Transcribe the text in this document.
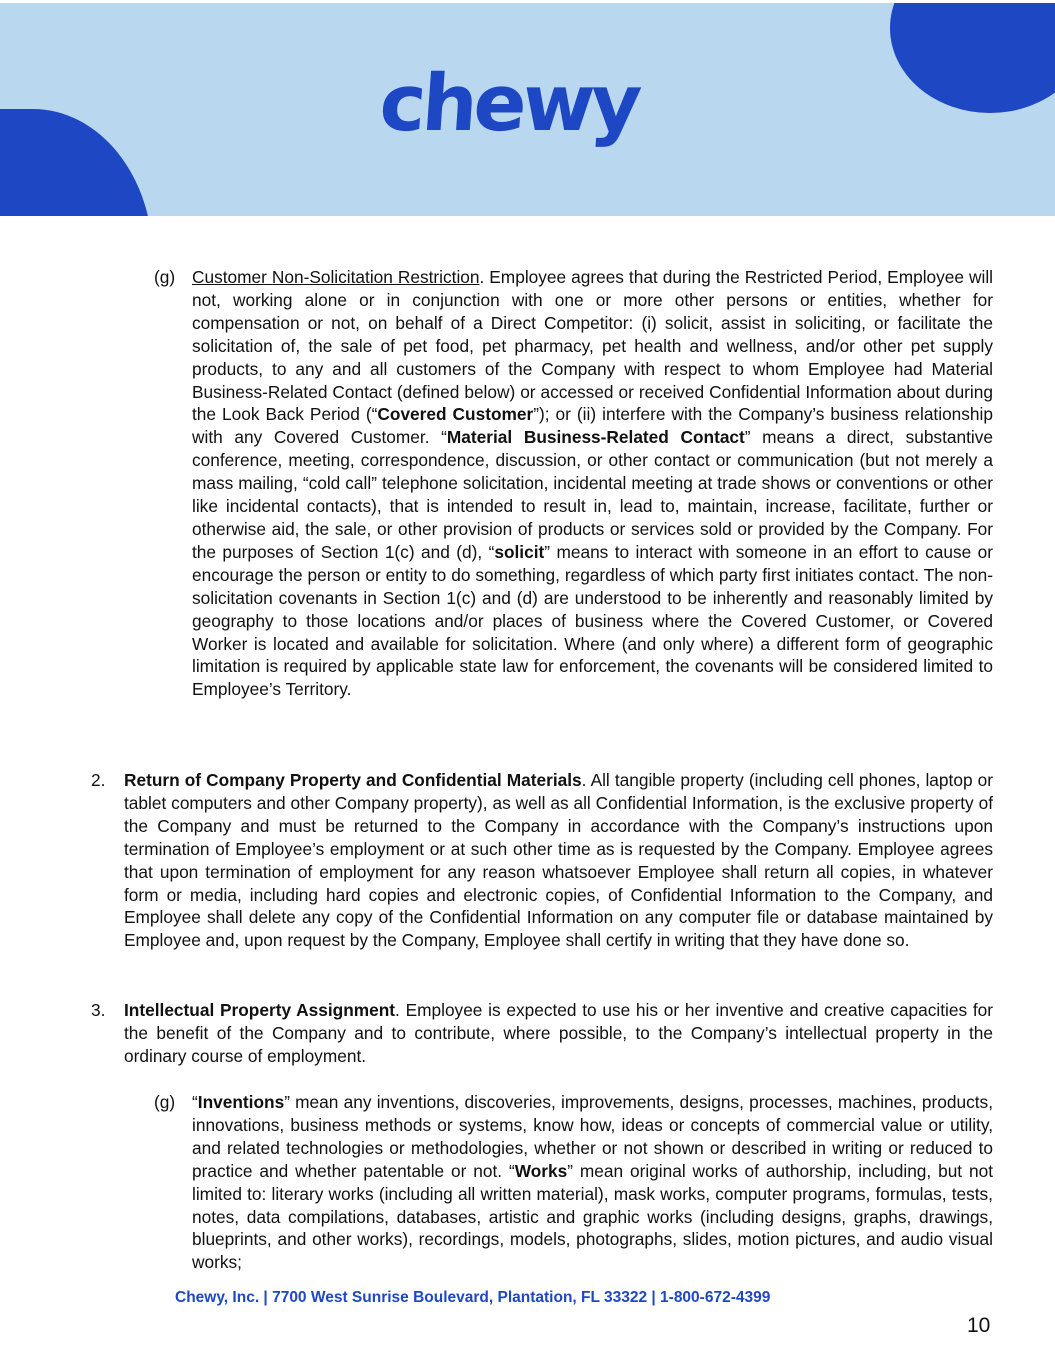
chewy
(g) Customer Non-Solicitation Restriction. Employee agrees that during the Restricted Period, Employee will not, working alone or in conjunction with one or more other persons or entities, whether for compensation or not, on behalf of a Direct Competitor: (i) solicit, assist in soliciting, or facilitate the solicitation of, the sale of pet food, pet pharmacy, pet health and wellness, and/or other pet supply products, to any and all customers of the Company with respect to whom Employee had Material Business-Related Contact (defined below) or accessed or received Confidential Information about during the Look Back Period (“Covered Customer”); or (ii) interfere with the Company’s business relationship with any Covered Customer. “Material Business-Related Contact” means a direct, substantive conference, meeting, correspondence, discussion, or other contact or communication (but not merely a mass mailing, “cold call” telephone solicitation, incidental meeting at trade shows or conventions or other like incidental contacts), that is intended to result in, lead to, maintain, increase, facilitate, further or otherwise aid, the sale, or other provision of products or services sold or provided by the Company. For the purposes of Section 1(c) and (d), “solicit” means to interact with someone in an effort to cause or encourage the person or entity to do something, regardless of which party first initiates contact. The non-solicitation covenants in Section 1(c) and (d) are understood to be inherently and reasonably limited by geography to those locations and/or places of business where the Covered Customer, or Covered Worker is located and available for solicitation. Where (and only where) a different form of geographic limitation is required by applicable state law for enforcement, the covenants will be considered limited to Employee’s Territory.
2. Return of Company Property and Confidential Materials. All tangible property (including cell phones, laptop or tablet computers and other Company property), as well as all Confidential Information, is the exclusive property of the Company and must be returned to the Company in accordance with the Company’s instructions upon termination of Employee’s employment or at such other time as is requested by the Company. Employee agrees that upon termination of employment for any reason whatsoever Employee shall return all copies, in whatever form or media, including hard copies and electronic copies, of Confidential Information to the Company, and Employee shall delete any copy of the Confidential Information on any computer file or database maintained by Employee and, upon request by the Company, Employee shall certify in writing that they have done so.
3. Intellectual Property Assignment. Employee is expected to use his or her inventive and creative capacities for the benefit of the Company and to contribute, where possible, to the Company’s intellectual property in the ordinary course of employment.
(g) “Inventions” mean any inventions, discoveries, improvements, designs, processes, machines, products, innovations, business methods or systems, know how, ideas or concepts of commercial value or utility, and related technologies or methodologies, whether or not shown or described in writing or reduced to practice and whether patentable or not. “Works” mean original works of authorship, including, but not limited to: literary works (including all written material), mask works, computer programs, formulas, tests, notes, data compilations, databases, artistic and graphic works (including designs, graphs, drawings, blueprints, and other works), recordings, models, photographs, slides, motion pictures, and audio visual works;
Chewy, Inc. | 7700 West Sunrise Boulevard, Plantation, FL 33322 | 1-800-672-4399
10
